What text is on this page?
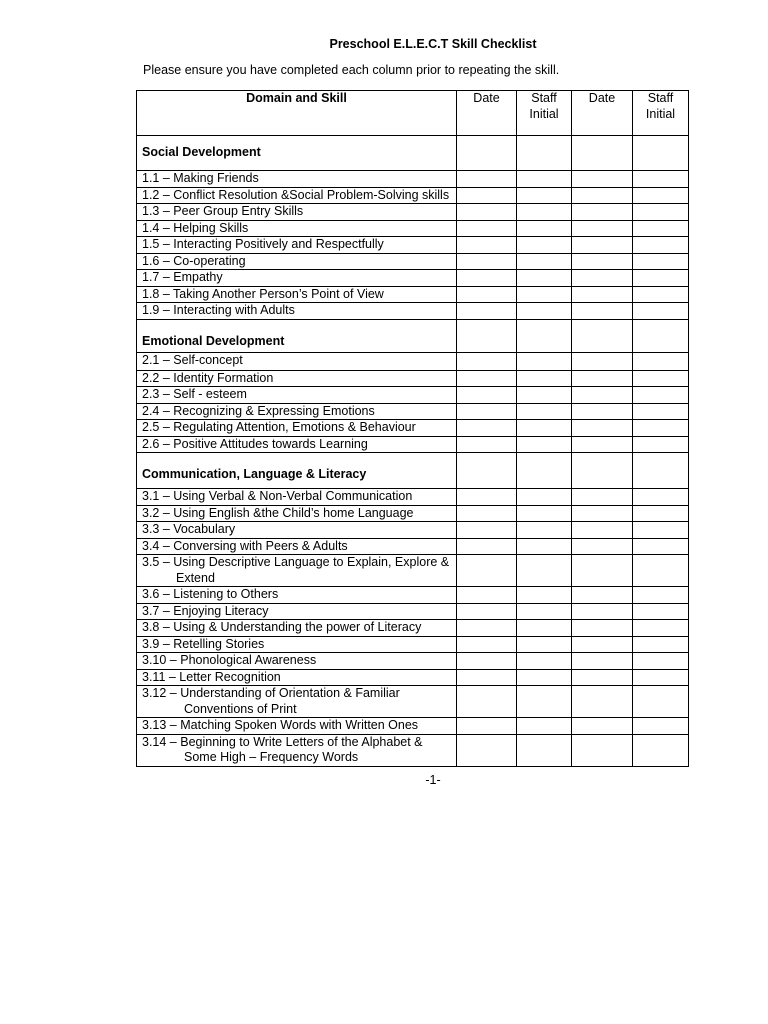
Preschool E.L.E.C.T Skill Checklist
Please ensure you have completed each column prior to repeating the skill.
Domain and Skill	Date	Staff Initial	Date	Staff Initial
Social Development				
1.1 – Making Friends				
1.2 – Conflict Resolution &Social Problem-Solving skills				
1.3 – Peer Group Entry Skills				
1.4 – Helping Skills				
1.5 – Interacting Positively and Respectfully				
1.6 – Co-operating				
1.7 – Empathy				
1.8 – Taking Another Person’s Point of View				
1.9 – Interacting with Adults				
Emotional Development				
2.1 – Self-concept				
2.2 – Identity Formation				
2.3 – Self - esteem				
2.4 – Recognizing & Expressing Emotions				
2.5 – Regulating Attention, Emotions & Behaviour				
2.6 – Positive Attitudes towards Learning				
Communication, Language & Literacy				
3.1 – Using Verbal & Non-Verbal Communication				
3.2 – Using English &the Child’s home Language				
3.3 – Vocabulary				
3.4 – Conversing with Peers & Adults				
3.5 – Using Descriptive Language to Explain, Explore &
Extend				

3.6 – Listening to Others				
3.7 – Enjoying Literacy				
3.8 – Using & Understanding the power of Literacy				
3.9 – Retelling Stories				
3.10 – Phonological Awareness				
3.11 – Letter Recognition				
3.12 – Understanding of Orientation & Familiar
Conventions of Print				

3.13 – Matching Spoken Words with Written Ones				
3.14 – Beginning to Write Letters of the Alphabet &
Some High – Frequency Words				

-1-
